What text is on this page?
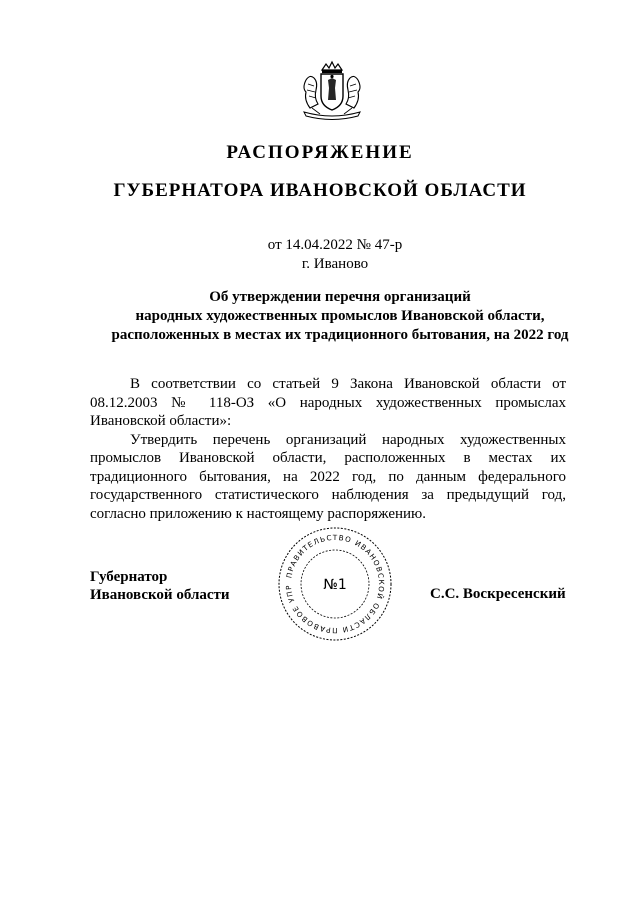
РАСПОРЯЖЕНИЕ
ГУБЕРНАТОРА ИВАНОВСКОЙ ОБЛАСТИ
от 14.04.2022 № 47-р
г. Иваново
Об утверждении перечня организаций
народных художественных промыслов Ивановской области,
расположенных в местах их традиционного бытования, на 2022 год

В соответствии со статьей 9 Закона Ивановской области от 08.12.2003 № 118-ОЗ «О народных художественных промыслах Ивановской области»:

Утвердить перечень организаций народных художественных промыслов Ивановской области, расположенных в местах их традиционного бытования, на 2022 год, по данным федерального государственного статистического наблюдения за предыдущий год, согласно приложению к настоящему распоряжению.

Губернатор
Ивановской области
ПРАВИТЕЛЬСТВО ИВАНОВСКОЙ ОБЛАСТИ ПРАВОВОЕ УПР	№1
С.С. Воскресенский
